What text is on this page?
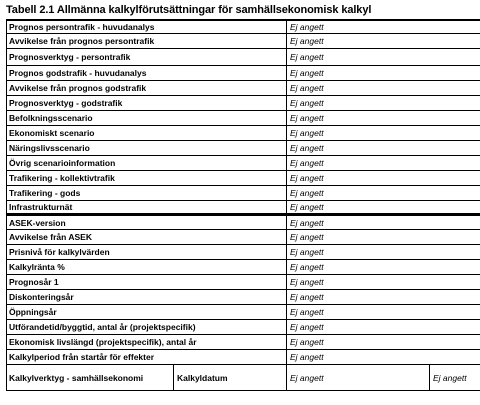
Tabell 2.1 Allmänna kalkylförutsättningar för samhällsekonomisk kalkyl
Prognos persontrafik - huvudanalys	Ej angett
Avvikelse från prognos persontrafik	Ej angett
Prognosverktyg - persontrafik	Ej angett
Prognos godstrafik - huvudanalys	Ej angett
Avvikelse från prognos godstrafik	Ej angett
Prognosverktyg - godstrafik	Ej angett
Befolkningsscenario	Ej angett
Ekonomiskt scenario	Ej angett
Näringslivsscenario	Ej angett
Övrig scenarioinformation	Ej angett
Trafikering - kollektivtrafik	Ej angett
Trafikering - gods	Ej angett
Infrastrukturnät	Ej angett
ASEK-version	Ej angett
Avvikelse från ASEK	Ej angett
Prisnivå för kalkylvärden	Ej angett
Kalkylränta %	Ej angett
Prognosår 1	Ej angett
Diskonteringsår	Ej angett
Öppningsår	Ej angett
Utförandetid/byggtid, antal år (projektspecifik)	Ej angett
Ekonomisk livslängd (projektspecifik), antal år	Ej angett
Kalkylperiod från startår för effekter	Ej angett
Kalkylverktyg - samhällsekonomi	Kalkyldatum	Ej angett	Ej angett
